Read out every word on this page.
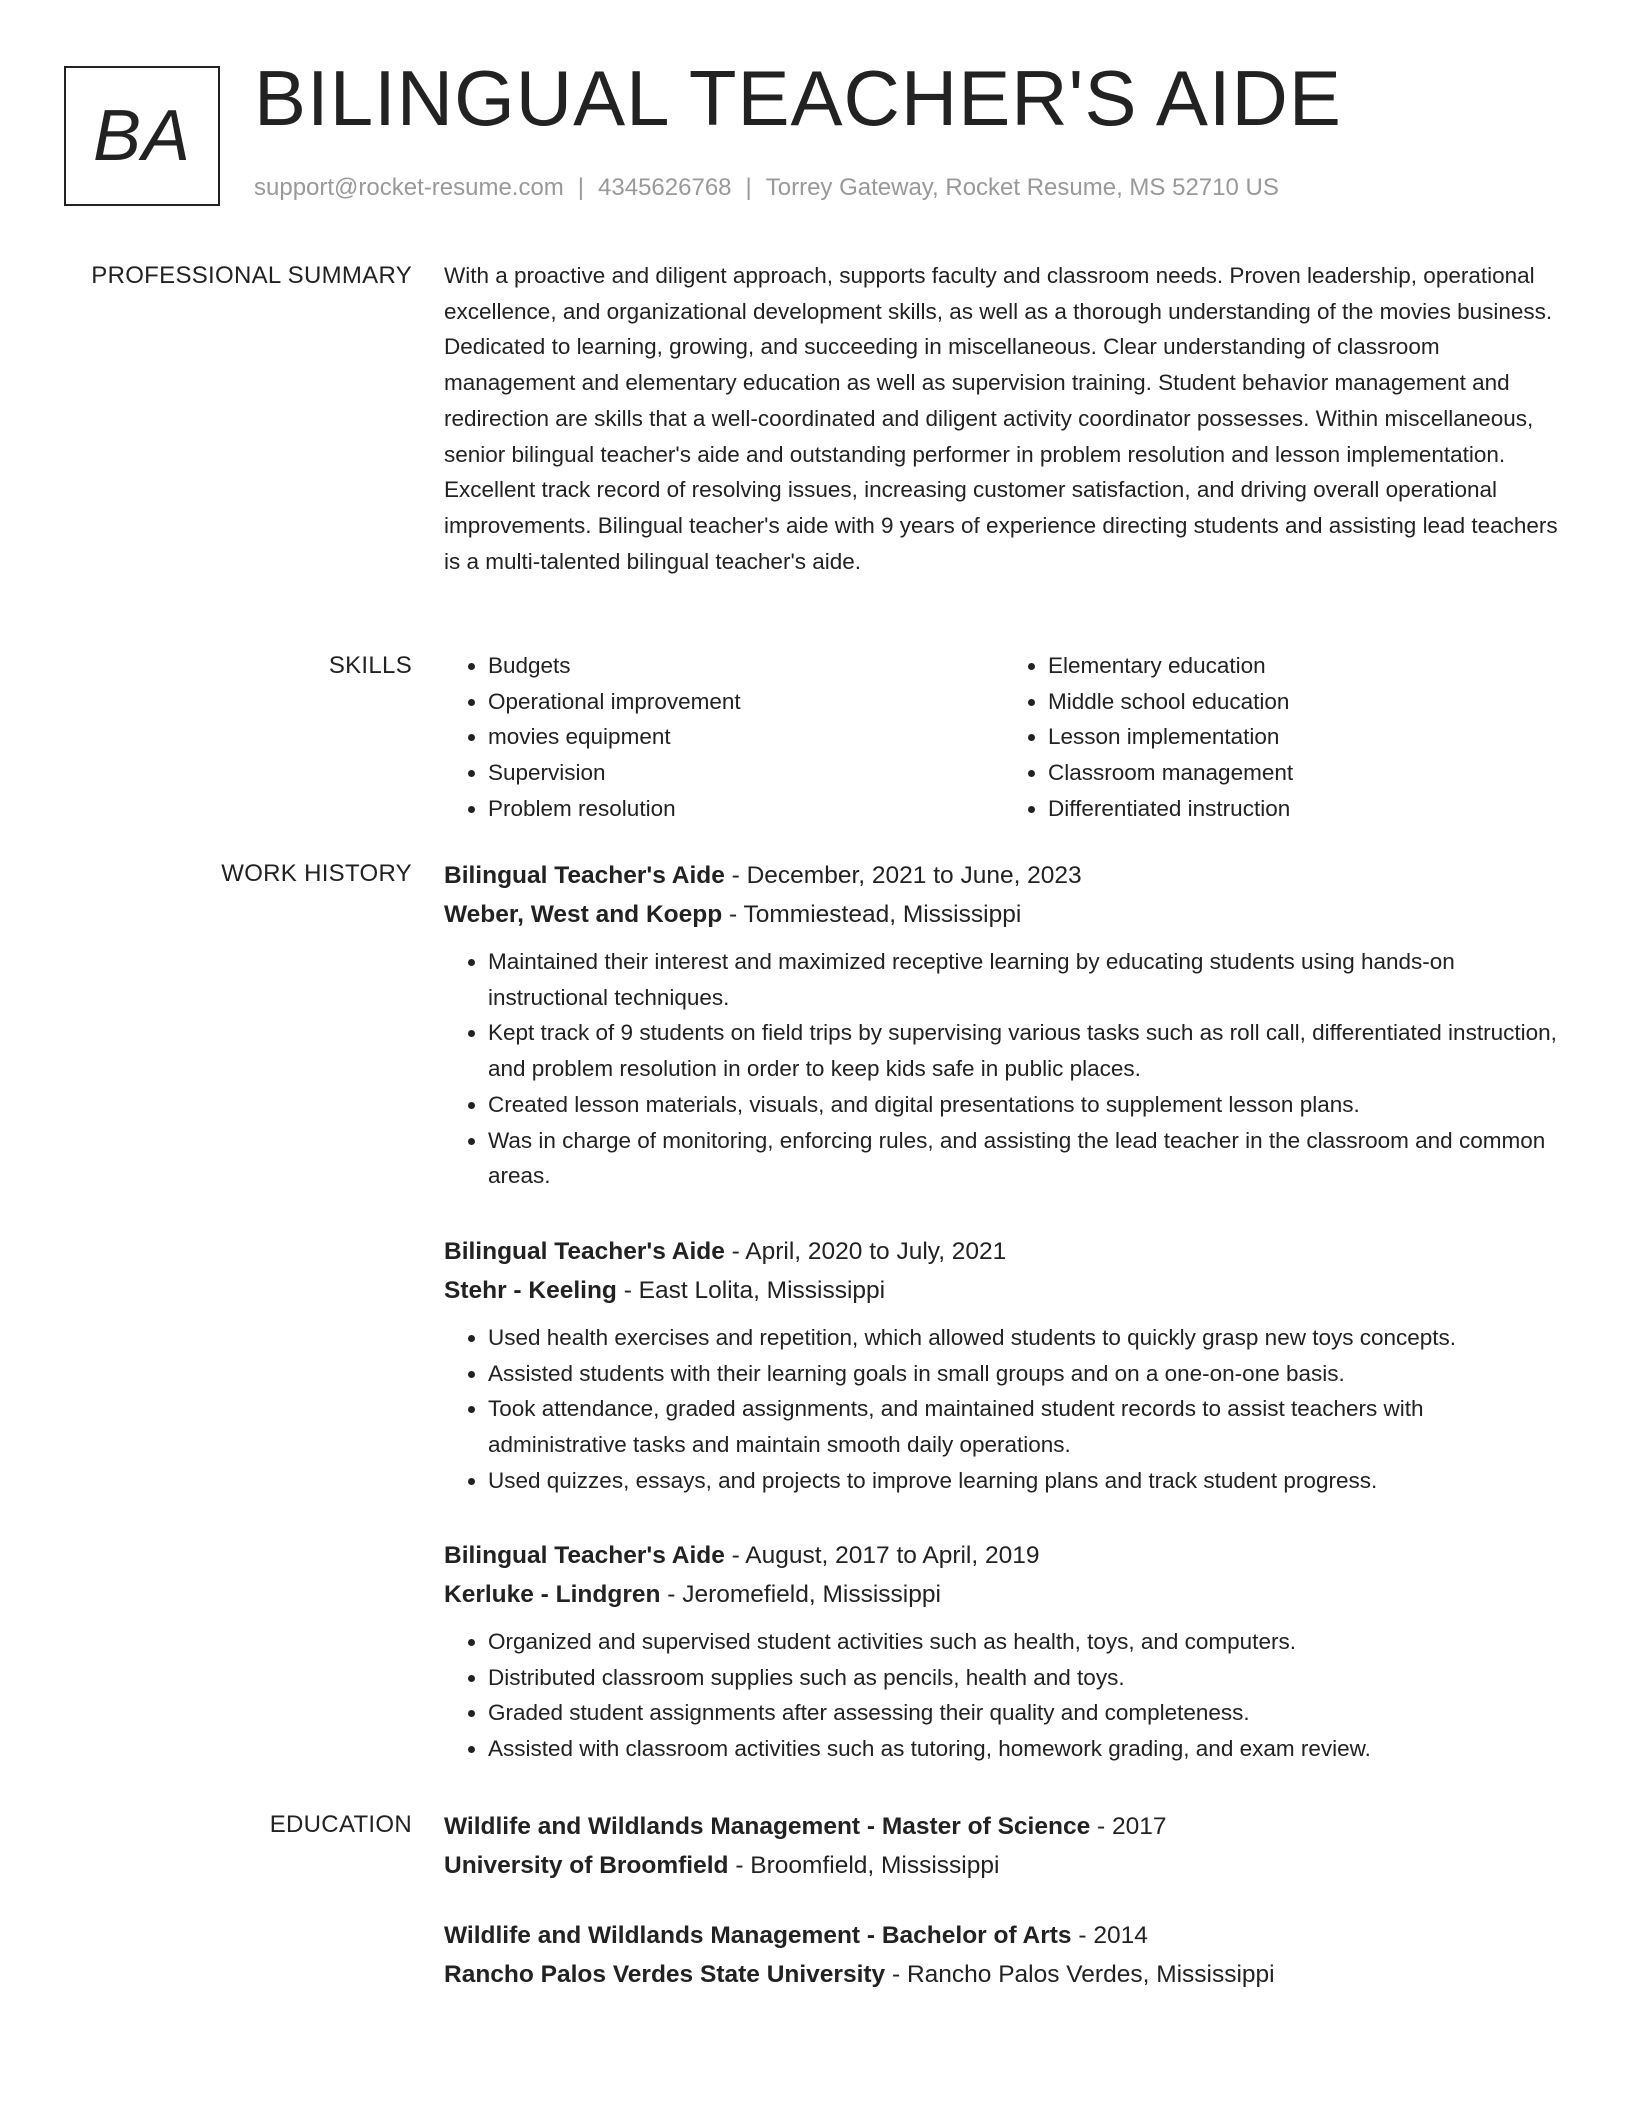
BA BILINGUAL TEACHER'S AIDE
support@rocket-resume.com | 4345626768 | Torrey Gateway, Rocket Resume, MS 52710 US
PROFESSIONAL SUMMARY With a proactive and diligent approach, supports faculty and classroom needs. Proven leadership, operational excellence, and organizational development skills, as well as a thorough understanding of the movies business. Dedicated to learning, growing, and succeeding in miscellaneous. Clear understanding of classroom management and elementary education as well as supervision training. Student behavior management and redirection are skills that a well-coordinated and diligent activity coordinator possesses. Within miscellaneous, senior bilingual teacher's aide and outstanding performer in problem resolution and lesson implementation. Excellent track record of resolving issues, increasing customer satisfaction, and driving overall operational improvements. Bilingual teacher's aide with 9 years of experience directing students and assisting lead teachers is a multi-talented bilingual teacher's aide.

SKILLS
•	Budgets
• Operational improvement
• movies equipment
• Supervision
• Problem resolution
• Elementary education
• Middle school education
• Lesson implementation
• Classroom management
• Differentiated instruction
WORK HISTORY Bilingual Teacher's Aide - December, 2021 to June, 2023
Weber, West and Koepp - Tommiestead, Mississippi
• Maintained their interest and maximized receptive learning by educating students using hands-on instructional techniques.
• Kept track of 9 students on field trips by supervising various tasks such as roll call, differentiated instruction, and problem resolution in order to keep kids safe in public places.
• Created lesson materials, visuals, and digital presentations to supplement lesson plans.
• Was in charge of monitoring, enforcing rules, and assisting the lead teacher in the classroom and common areas.
Bilingual Teacher's Aide - April, 2020 to July, 2021
Stehr - Keeling - East Lolita, Mississippi
• Used health exercises and repetition, which allowed students to quickly grasp new toys concepts.
• Assisted students with their learning goals in small groups and on a one-on-one basis.
• Took attendance, graded assignments, and maintained student records to assist teachers with administrative tasks and maintain smooth daily operations.
• Used quizzes, essays, and projects to improve learning plans and track student progress.
Bilingual Teacher's Aide - August, 2017 to April, 2019
Kerluke - Lindgren - Jeromefield, Mississippi
• Organized and supervised student activities such as health, toys, and computers.
• Distributed classroom supplies such as pencils, health and toys.
• Graded student assignments after assessing their quality and completeness.
• Assisted with classroom activities such as tutoring, homework grading, and exam review.
EDUCATION Wildlife and Wildlands Management - Master of Science - 2017
University of Broomfield - Broomfield, Mississippi
Wildlife and Wildlands Management - Bachelor of Arts - 2014
Rancho Palos Verdes State University - Rancho Palos Verdes, Mississippi
